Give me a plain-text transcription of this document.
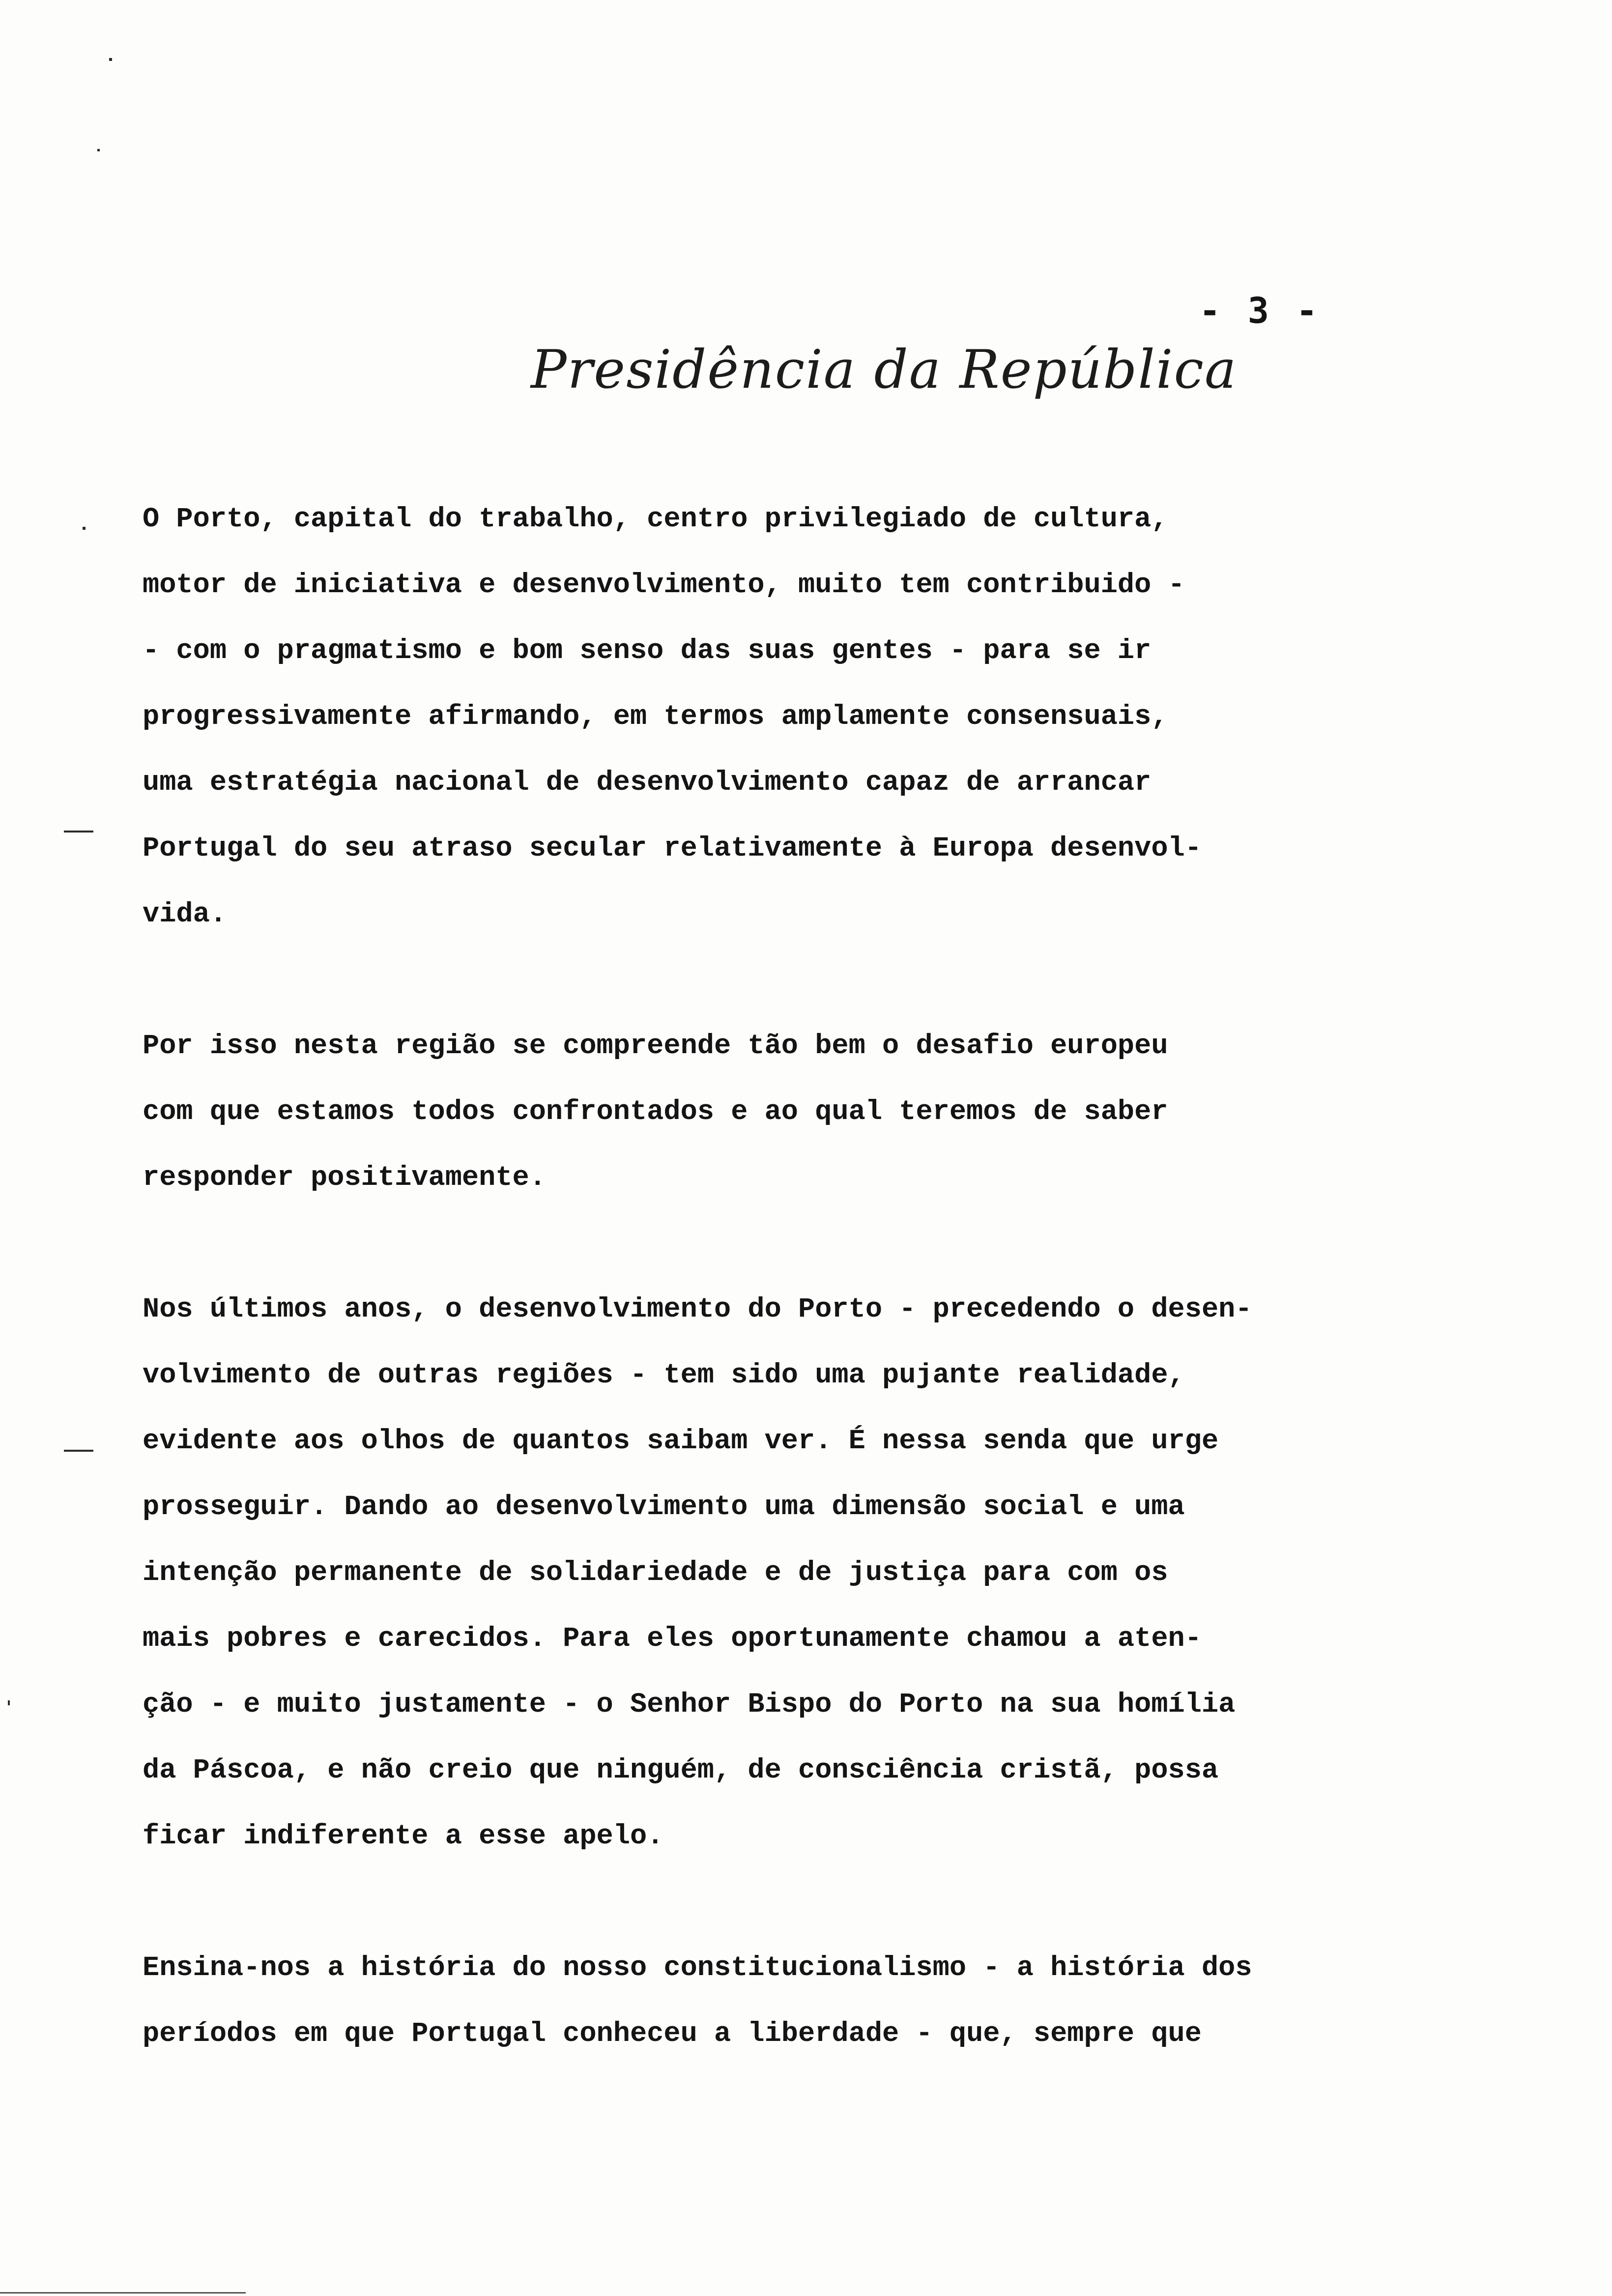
- 3 -
Presidência da República
O Porto, capital do trabalho, centro privilegiado de cultura,
motor de iniciativa e desenvolvimento, muito tem contribuido -
- com o pragmatismo e bom senso das suas gentes - para se ir
progressivamente afirmando, em termos amplamente consensuais,
uma estratégia nacional de desenvolvimento capaz de arrancar
Portugal do seu atraso secular relativamente à Europa desenvol-
vida.
Por isso nesta região se compreende tão bem o desafio europeu
com que estamos todos confrontados e ao qual teremos de saber
responder positivamente.
Nos últimos anos, o desenvolvimento do Porto - precedendo o desen-
volvimento de outras regiões - tem sido uma pujante realidade,
evidente aos olhos de quantos saibam ver. É nessa senda que urge
prosseguir. Dando ao desenvolvimento uma dimensão social e uma
intenção permanente de solidariedade e de justiça para com os
mais pobres e carecidos. Para eles oportunamente chamou a aten-
ção - e muito justamente - o Senhor Bispo do Porto na sua homília
da Páscoa, e não creio que ninguém, de consciência cristã, possa
ficar indiferente a esse apelo.
Ensina-nos a história do nosso constitucionalismo - a história dos
períodos em que Portugal conheceu a liberdade - que, sempre que
